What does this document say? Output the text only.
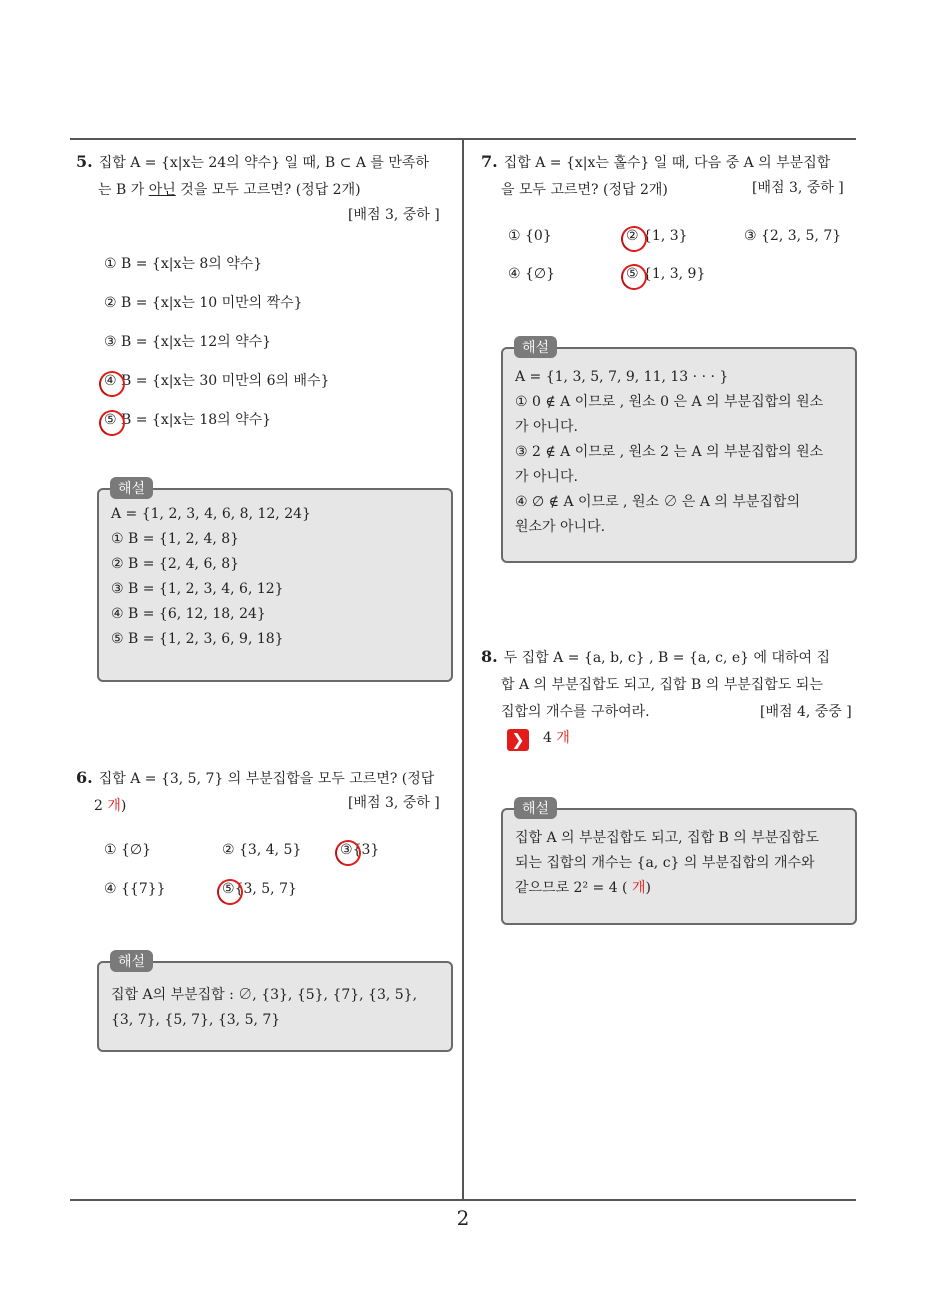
5. 집합 A = {x|x는 24의 약수} 일 때, B ⊂ A 를 만족하
는 B 가 아닌 것을 모두 고르면? (정답 2개)
[배점 3, 중하 ]
① B = {x|x는 8의 약수}
② B = {x|x는 10 미만의 짝수}
③ B = {x|x는 12의 약수}
④ B = {x|x는 30 미만의 6의 배수}
⑤ B = {x|x는 18의 약수}
A = {1, 2, 3, 4, 6, 8, 12, 24}
① B = {1, 2, 4, 8}
② B = {2, 4, 6, 8}
③ B = {1, 2, 3, 4, 6, 12}
④ B = {6, 12, 18, 24}
⑤ B = {1, 2, 3, 6, 9, 18}
해설
6. 집합 A = {3, 5, 7} 의 부분집합을 모두 고르면? (정답
2 개)	[배점 3, 중하 ]
① {∅}	② {3, 4, 5}	③{3}
④ {{7}}	⑤{3, 5, 7}
집합 A의 부분집합 : ∅, {3}, {5}, {7}, {3, 5},
{3, 7}, {5, 7}, {3, 5, 7}
해설
7. 집합 A = {x|x는 홀수} 일 때, 다음 중 A 의 부분집합
을 모두 고르면? (정답 2개)	[배점 3, 중하 ]
① {0}	② {1, 3}	③ {2, 3, 5, 7}
④ {∅}	⑤ {1, 3, 9}
A = {1, 3, 5, 7, 9, 11, 13 · · · }
① 0 ∉ A 이므로 , 원소 0 은 A 의 부분집합의 원소
가 아니다.
③ 2 ∉ A 이므로 , 원소 2 는 A 의 부분집합의 원소
가 아니다.
④ ∅ ∉ A 이므로 , 원소 ∅ 은 A 의 부분집합의
원소가 아니다.
해설
8. 두 집합 A = {a, b, c} , B = {a, c, e} 에 대하여 집
합 A 의 부분집합도 되고, 집합 B 의 부분집합도 되는
집합의 개수를 구하여라.	[배점 4, 중중 ]
❯	4 개
집합 A 의 부분집합도 되고, 집합 B 의 부분집합도
되는 집합의 개수는 {a, c} 의 부분집합의 개수와
같으므로 2² = 4 ( 개)
해설
2
